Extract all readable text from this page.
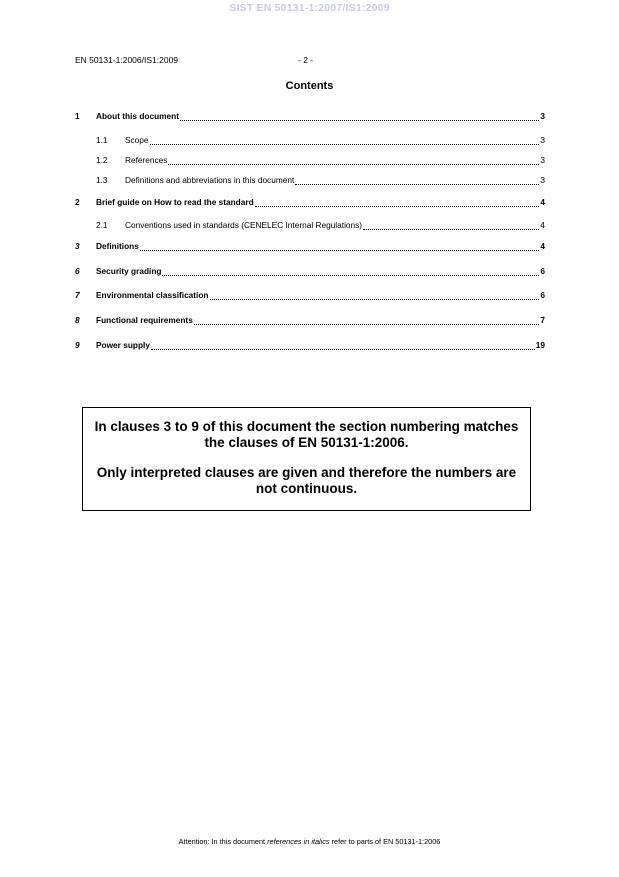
SIST EN 50131-1:2007/IS1:2009
EN 50131-1:2006/IS1:2009	- 2 -
Contents
1	About this document	3
1.1	Scope	3
1.2	References	3
1.3	Definitions and abbreviations in this document	3
2	Brief guide on How to read the standard	4
2.1	Conventions used in standards (CENELEC Internal Regulations)	4
3	Definitions	4
6	Security grading	6
7	Environmental classification	6
8	Functional requirements	7
9	Power supply	19

In clauses 3 to 9 of this document the section numbering matches the clauses of EN 50131-1:2006.

Only interpreted clauses are given and therefore the numbers are not continuous.

Attention: In this document references in italics refer to parts of EN 50131-1:2006
